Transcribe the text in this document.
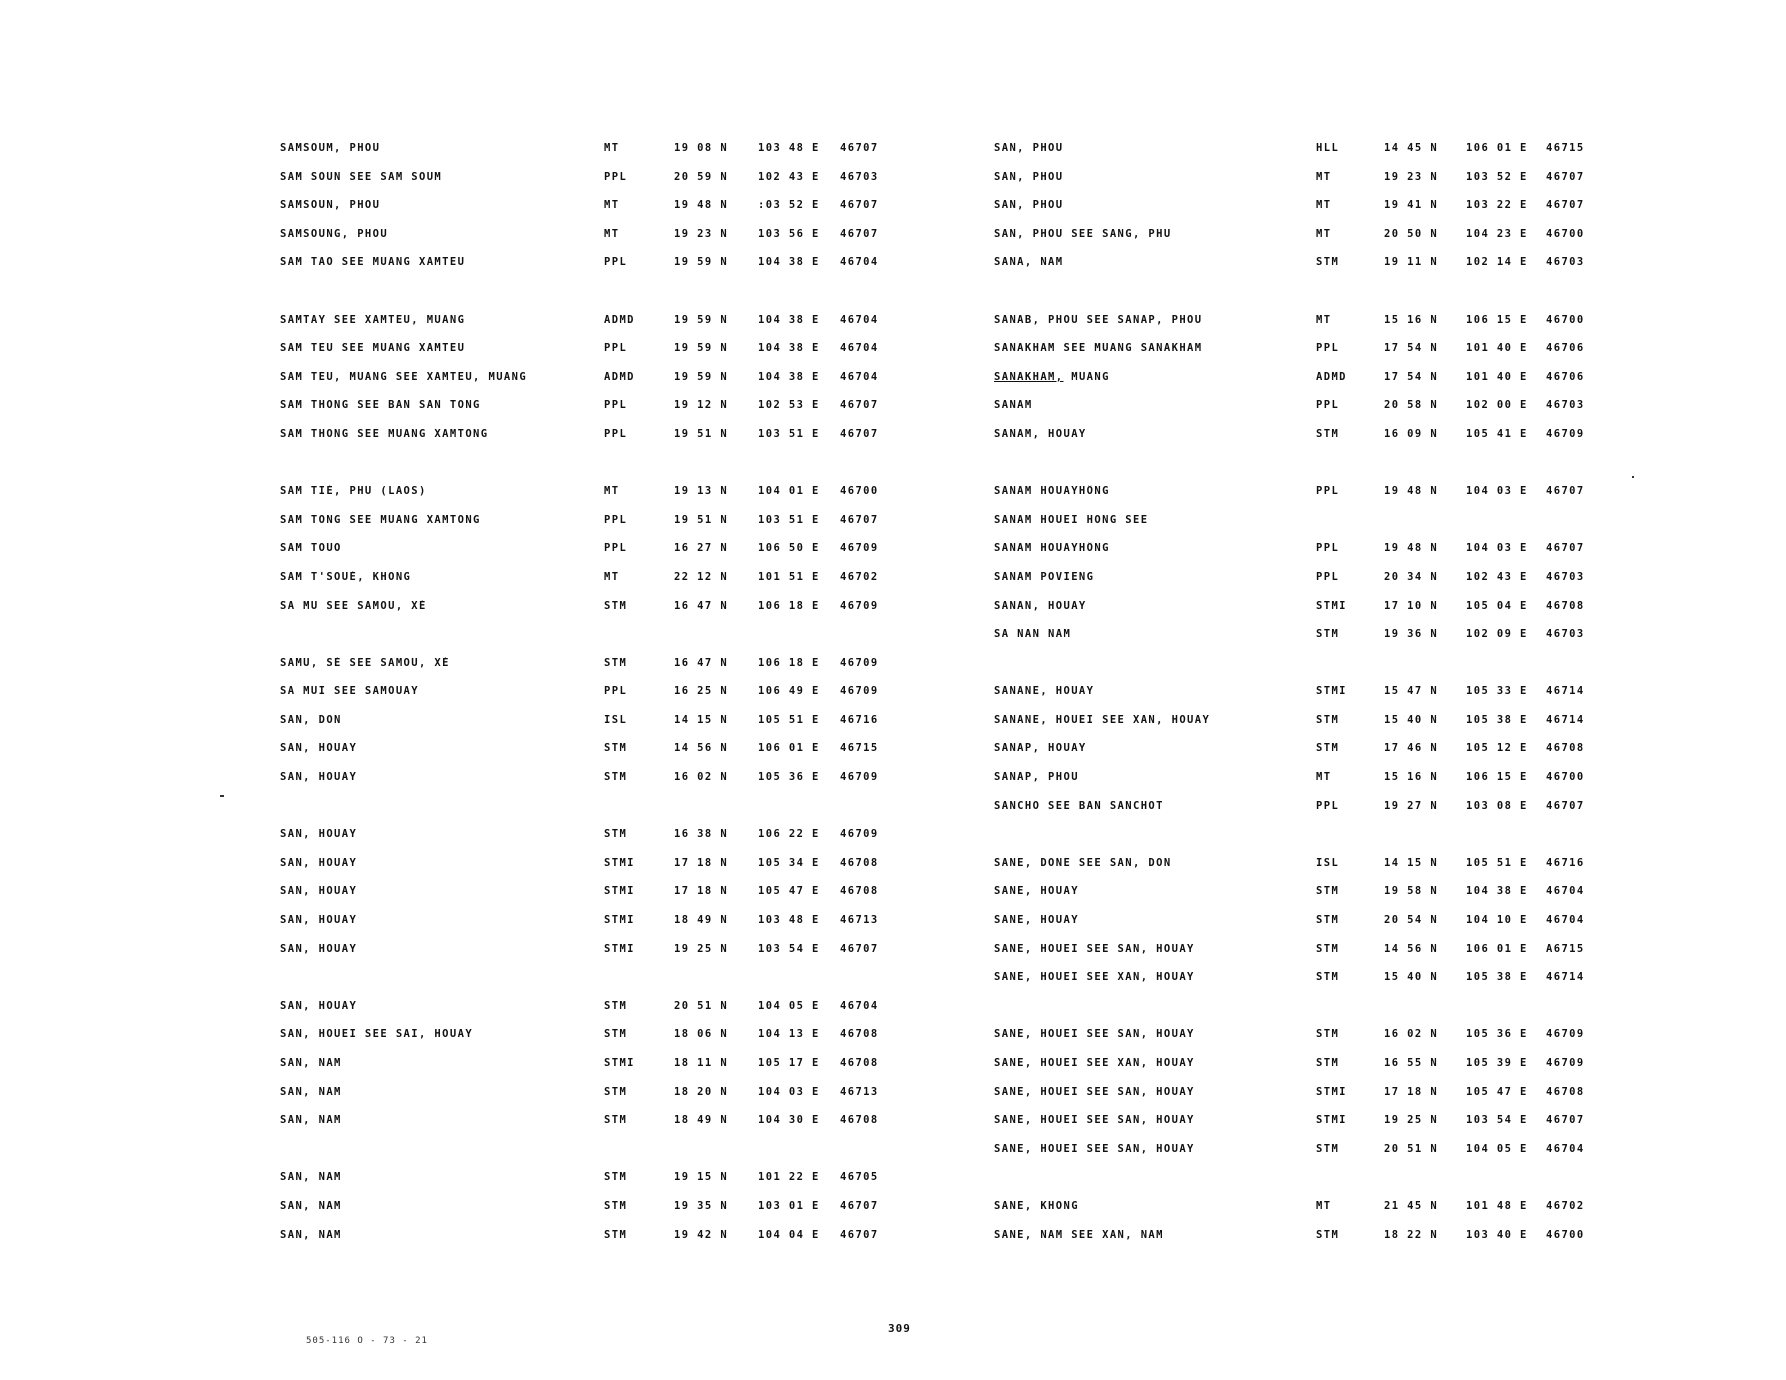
SAMSOUM, PHOU	MT	19 08 N	103 48 E 46707
SAM SOUN SEE SAM SOUM	PPL	20 59 N	102 43 E 46703
SAMSOUN, PHOU	MT	19 48 N	:03 52 E 46707
SAMSOUNG, PHOU	MT	19 23 N	103 56 E 46707
SAM TAO SEE MUANG XAMTEU	PPL	19 59 N	104 38 E 46704
SAMTAY SEE XAMTEU, MUANG	ADMD	19 59 N	104 38 E 46704
SAM TEU SEE MUANG XAMTEU	PPL	19 59 N	104 38 E 46704
SAM TEU, MUANG SEE XAMTEU, MUANG	ADMD	19 59 N	104 38 E 46704
SAM THONG SEE BAN SAN TONG	PPL	19 12 N	102 53 E 46707
SAM THONG SEE MUANG XAMTONG	PPL	19 51 N	103 51 E 46707
SAM TIÉ, PHU (LAOS)	MT	19 13 N	104 01 E 46700
SAM TONG SEE MUANG XAMTONG	PPL	19 51 N	103 51 E 46707
SAM TOUO	PPL	16 27 N	106 50 E 46709
SAM T'SOUÉ, KHONG	MT	22 12 N	101 51 E 46702
SA MU SEE SAMOU, XÉ	STM	16 47 N	106 18 E 46709
SAMU, SÉ SEE SAMOU, XÉ	STM	16 47 N	106 18 E 46709
SA MUI SEE SAMOUAY	PPL	16 25 N	106 49 E 46709
SAN, DON	ISL	14 15 N	105 51 E 46716
SAN, HOUAY	STM	14 56 N	106 01 E 46715
SAN, HOUAY	STM	16 02 N	105 36 E 46709
SAN, HOUAY	STM	16 38 N	106 22 E 46709
SAN, HOUAY	STMI	17 18 N	105 34 E 46708
SAN, HOUAY	STMI	17 18 N	105 47 E 46708
SAN, HOUAY	STMI	18 49 N	103 48 E 46713
SAN, HOUAY	STMI	19 25 N	103 54 E 46707
SAN, HOUAY	STM	20 51 N	104 05 E 46704
SAN, HOUEI SEE SAI, HOUAY	STM	18 06 N	104 13 E 46708
SAN, NAM	STMI	18 11 N	105 17 E 46708
SAN, NAM	STM	18 20 N	104 03 E 46713
SAN, NAM	STM	18 49 N	104 30 E 46708
SAN, NAM	STM	19 15 N	101 22 E 46705
SAN, NAM	STM	19 35 N	103 01 E 46707
SAN, NAM	STM	19 42 N	104 04 E 46707
SAN, PHOU	HLL	14 45 N	106 01 E 46715
SAN, PHOU	MT	19 23 N	103 52 E 46707
SAN, PHOU	MT	19 41 N	103 22 E 46707
SAN, PHOU SEE SANG, PHU	MT	20 50 N	104 23 E 46700
SANA, NAM	STM	19 11 N	102 14 E 46703
SANAB, PHOU SEE SANAP, PHOU	MT	15 16 N	106 15 E 46700
SANAKHAM SEE MUANG SANAKHAM	PPL	17 54 N	101 40 E 46706
SANAKHAM, MUANG	ADMD	17 54 N	101 40 E 46706
SANAM	PPL	20 58 N	102 00 E 46703
SANAM, HOUAY	STM	16 09 N	105 41 E 46709
SANAM HOUAYHÔNG	PPL	19 48 N	104 03 E 46707
SANAM HOUEI HONG SEE
SANAM HOUAYHÔNG	PPL	19 48 N	104 03 E 46707
SANAM POVIENG	PPL	20 34 N	102 43 E 46703
SANAN, HOUAY	STMI	17 10 N	105 04 E 46708
SA NAN NAM	STM	19 36 N	102 09 E 46703
SANANE, HOUAY	STMI	15 47 N	105 33 E 46714
SANANE, HOUEI SEE XAN, HOUAY	STM	15 40 N	105 38 E 46714
SANAP, HOUAY	STM	17 46 N	105 12 E 46708
SANAP, PHOU	MT	15 16 N	106 15 E 46700
SANCHO SEE BAN SANCHOT	PPL	19 27 N	103 08 E 46707
SANE, DONE SEE SAN, DON	ISL	14 15 N	105 51 E 46716
SANE, HOUAY	STM	19 58 N	104 38 E 46704
SANE, HOUAY	STM	20 54 N	104 10 E 46704
SANE, HOUEI SEE SAN, HOUAY	STM	14 56 N	106 01 E A6715
SANE, HOUEI SEE XAN, HOUAY	STM	15 40 N	105 38 E 46714
SANE, HOUEI SEE SAN, HOUAY	STM	16 02 N	105 36 E 46709
SANE, HOUEI SEE XAN, HOUAY	STM	16 55 N	105 39 E 46709
SANE, HOUEI SEE SAN, HOUAY	STMI	17 18 N	105 47 E 46708
SANE, HOUEI SEE SAN, HOUAY	STMI	19 25 N	103 54 E 46707
SANE, HOUEI SEE SAN, HOUAY	STM	20 51 N	104 05 E 46704
SANE, KHONG	MT	21 45 N	101 48 E 46702
SANE, NAM SEE XAN, NAM	STM	18 22 N	103 40 E 46700
309
505-116 O - 73 - 21
